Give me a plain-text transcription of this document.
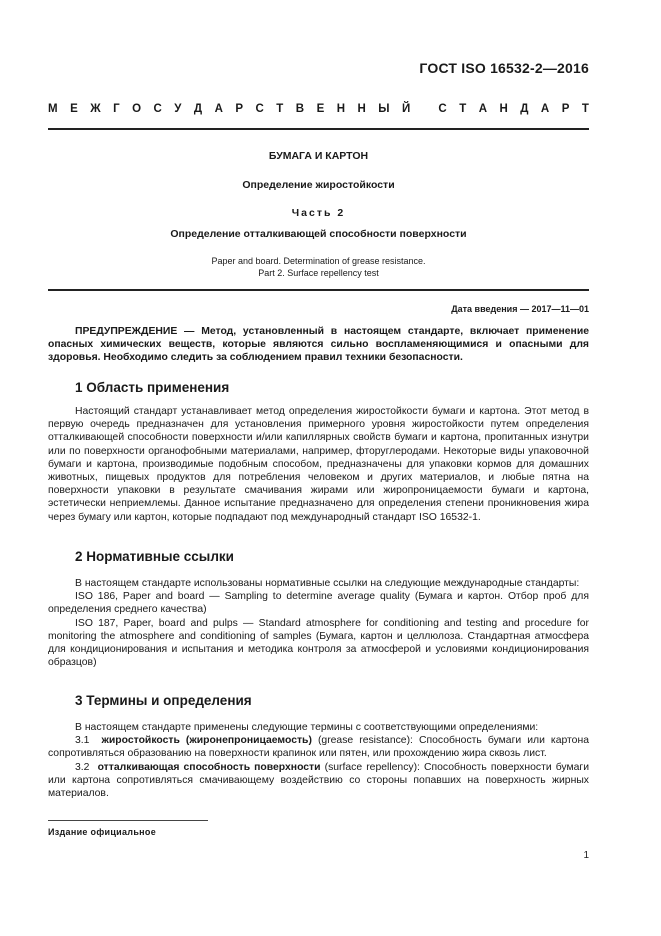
ГОСТ ISO 16532-2—2016
М Е Ж Г О С У Д А Р С Т В Е Н Н Ы Й
С Т А Н Д А Р Т
БУМАГА И КАРТОН
Определение жиростойкости
Часть 2
Определение отталкивающей способности поверхности
Paper and board. Determination of grease resistance.
Part 2. Surface repellency test
Дата введения — 2017—11—01

ПРЕДУПРЕЖДЕНИЕ — Метод, установленный в настоящем стандарте, включает применение опасных химических веществ, которые являются сильно воспламеняющимися и опасными для здоровья. Необходимо следить за соблюдением правил техники безопасности.

1 Область применения

Настоящий стандарт устанавливает метод определения жиростойкости бумаги и картона. Этот метод в первую очередь предназначен для установления примерного уровня жиростойкости путем определения отталкивающей способности поверхности и/или капиллярных свойств бумаги и картона, пропитанных изнутри или по поверхности органофобными материалами, например, фторуглеродами. Некоторые виды упаковочной бумаги и картона, производимые подобным способом, предназначены для упаковки кормов для домашних животных, пищевых продуктов для потребления человеком и других материалов, и любые пятна на поверхности упаковки в результате смачивания жирами или жиропроницаемости бумаги и картона, эстетически неприемлемы. Данное испытание предназначено для определения степени проникновения жира через бумагу или картон, которые подпадают под международный стандарт ISO 16532-1.

2 Нормативные ссылки

В настоящем стандарте использованы нормативные ссылки на следующие международные стандарты:

ISO 186, Paper and board — Sampling to determine average quality (Бумага и картон. Отбор проб для определения среднего качества)

ISO 187, Paper, board and pulps — Standard atmosphere for conditioning and testing and procedure for monitoring the atmosphere and conditioning of samples (Бумага, картон и целлюлоза. Стандартная атмосфера для кондиционирования и испытания и методика контроля за атмосферой и условиями кондиционирования образцов)

3 Термины и определения

В настоящем стандарте применены следующие термины с соответствующими определениями:

3.1 жиростойкость (жиронепроницаемость) (grease resistance): Способность бумаги или картона сопротивляться образованию на поверхности крапинок или пятен, или прохождению жира сквозь лист.

3.2 отталкивающая способность поверхности (surface repellency): Способность поверхности бумаги или картона сопротивляться смачивающему воздействию со стороны попавших на поверхность жирных материалов.

Издание официальное
1
